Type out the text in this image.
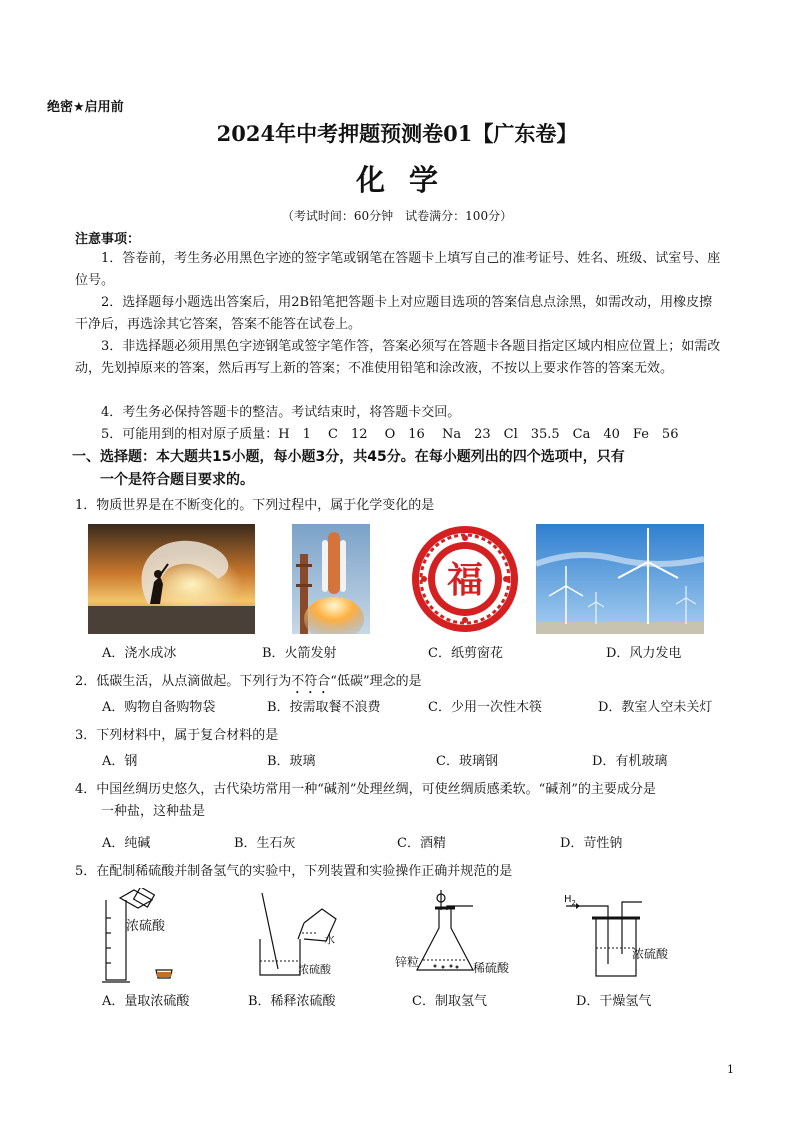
绝密★启用前
2024年中考押题预测卷01【广东卷】
化学
（考试时间：60分钟　试卷满分：100分）
注意事项：
1．答卷前，考生务必用黑色字迹的签字笔或钢笔在答题卡上填写自己的准考证号、姓名、班级、试室号、座位号。
2．选择题每小题选出答案后，用2B铅笔把答题卡上对应题目选项的答案信息点涂黑，如需改动，用橡皮擦干净后，再选涂其它答案，答案不能答在试卷上。
3．非选择题必须用黑色字迹钢笔或签字笔作答，答案必须写在答题卡各题目指定区域内相应位置上；如需改动，先划掉原来的答案，然后再写上新的答案；不准使用铅笔和涂改液，不按以上要求作答的答案无效。
4．考生务必保持答题卡的整洁。考试结束时，将答题卡交回。
5．可能用到的相对原子质量：H　1　 C　12　 O　16　 Na　23　Cl　35.5　Ca　40　Fe　56
一、选择题：本大题共15小题，每小题3分，共45分。在每小题列出的四个选项中，只有
一个是符合题目要求的。
1．物质世界是在不断变化的。下列过程中，属于化学变化的是
福
A．浇水成冰	B．火箭发射	C．纸剪窗花	D．风力发电
2．低碳生活，从点滴做起。下列行为不符合“低碳”理念的是
A．购物自备购物袋	B．按需取餐不浪费	C．少用一次性木筷	D．教室人空未关灯
3．下列材料中，属于复合材料的是
A．钢	B．玻璃	C．玻璃钢	D．有机玻璃
4．中国丝绸历史悠久，古代染坊常用一种“碱剂”处理丝绸，可使丝绸质感柔软。“碱剂”的主要成分是
一种盐，这种盐是
A．纯碱	B．生石灰	C．酒精	D．苛性钠
5．在配制稀硫酸并制备氢气的实验中，下列装置和实验操作正确并规范的是
浓硫酸
水
浓硫酸
锌粒	稀硫酸
$H_2$
浓硫酸
A．量取浓硫酸	B．稀释浓硫酸	C．制取氢气	D．干燥氢气
1
